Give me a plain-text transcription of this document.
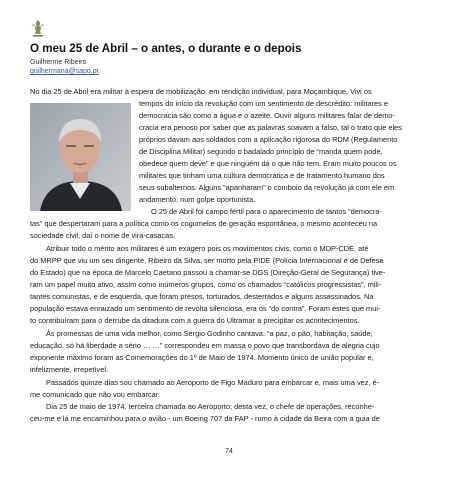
O meu 25 de Abril – o antes, o durante e o depois
Guilherme Ribeiro
guilhermana@sapo.pt

No dia 25 de Abril era militar à espera de mobilização, em rendição individual, para Moçambique. Vivi os

tempos do início da revolução com um sentimento de descrédito: militares e

democracia são como a água e o azeite. Ouvir alguns militares falar de demo-

cracia era penoso por saber que as palavras soavam a falso, tal o trato que eles

próprios davam aos soldados com a aplicação rigorosa do RDM (Regulamento

de Disciplina Militar) segundo o badalado princípio de “manda quem pode,

obedece quem deve” e que ninguém dá o que não tem. Eram muito poucos os

militares que tinham uma cultura democrática e de tratamento humano dos

seus subalternos. Alguns “apanharam” o comboio da revolução já com ele em

andamento, num golpe oportunista.

O 25 de Abril foi campo fértil para o aparecimento de tantos “democra-

tas” que despertaram para a política como os cogumelos de geração espontânea, o mesmo aconteceu na

sociedade civil, daí o nome de vira-casacas.

Atribuir todo o mérito aos militares é um exagero pois os movimentos civis, como o MDP-CDE, até

do MRPP que viu um seu dirigente, Ribeiro da Silva, ser morto pela PIDE (Polícia Internacional e de Defesa

do Estado) que na época de Marcelo Caetano passou a chamar-se DGS (Direção-Geral de Segurança) tive-

ram um papel muito ativo, assim como inúmeros grupos, como os chamados “católicos progressistas”, mili-

tantes comunistas, e de esquerda, que foram presos, torturados, desterrados e alguns assassinados. Na

população estava enraizado um sentimento de revolta silenciosa, era os “do contra”. Foram estes que mui-

to contribuíram para o derrube da ditadura com a guerra do Ultramar a precipitar os acontecimentos.

Às promessas de uma vida melhor, como Sérgio Godinho cantava: “a paz, o pão, habitação, saúde,

educação, só há liberdade a sério … …” correspondeu em massa o povo que transbordava de alegria cujo

exponente máximo foram as Comemorações do 1º de Maio de 1974. Momento único de união popular e,

infelizmente, irrepetível.

Passados quinze dias sou chamado ao Aeroporto de Figo Maduro para embarcar e, mais uma vez, é-

me comunicado que não vou embarcar.

Dia 25 de maio de 1974, terceira chamada ao Aeroporto; desta vez, o chefe de operações, reconhe-

ceu-me e lá me encaminhou para o avião - um Boeing 707 da FAP - rumo à cidade da Beira com a guia de

74
